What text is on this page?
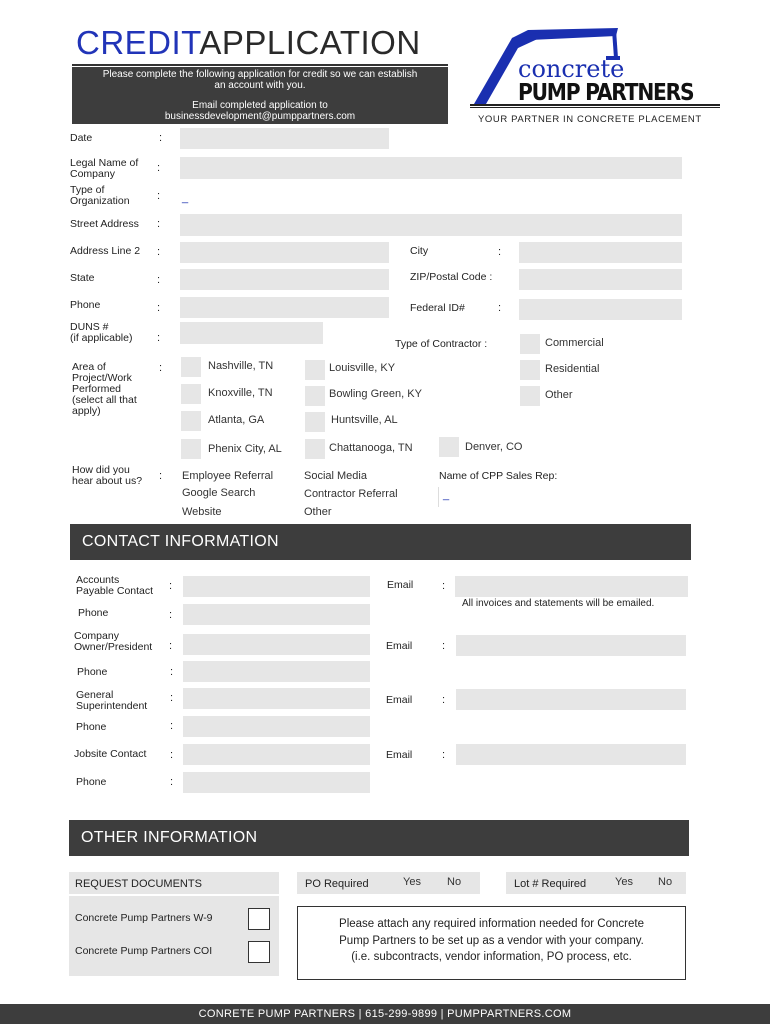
CREDITAPPLICATION
Please complete the following application for credit so we can establish
an account with you.
Email completed application to
businessdevelopment@pumppartners.com
concrete
PUMP PARTNERS
YOUR PARTNER IN CONCRETE PLACEMENT
Date	:
Legal Name of
Company	:
Type of
Organization : _
Street Address :
Address Line 2 :	City	:
State	:	ZIP/Postal Code :
Phone	:	Federal ID#	:
DUNS #
(if applicable) :	Type of Contractor :	Commercial
Residential
Other
Area of
Project/Work
Performed
(select all that
apply)
:	Nashville, TN	Louisville, KY
Knoxville, TN	Bowling Green, KY
Atlanta, GA	Huntsville, AL
Phenix City, AL	Chattanooga, TN	Denver, CO
How did you
hear about us? : Employee Referral
Google Search
Website
Social Media
Contractor Referral
Other
Name of CPP Sales Rep:
_
CONTACT INFORMATION
Accounts
Payable Contact :	Email	:
All invoices and statements will be emailed.
Phone	:
Company
Owner/President :	Email	:
Phone	:
General
Superintendent
:	Email	:
Phone	:
Jobsite Contact :	Email	:
Phone	:
OTHER INFORMATION
REQUEST DOCUMENTS
Concrete Pump Partners W-9
Concrete Pump Partners COI
PO Required	Yes No	Lot # Required	Yes No
Please attach any required information needed for Concrete
Pump Partners to be set up as a vendor with your company.
(i.e. subcontracts, vendor information, PO process, etc.
CONRETE PUMP PARTNERS | 615-299-9899 | PUMPPARTNERS.COM
